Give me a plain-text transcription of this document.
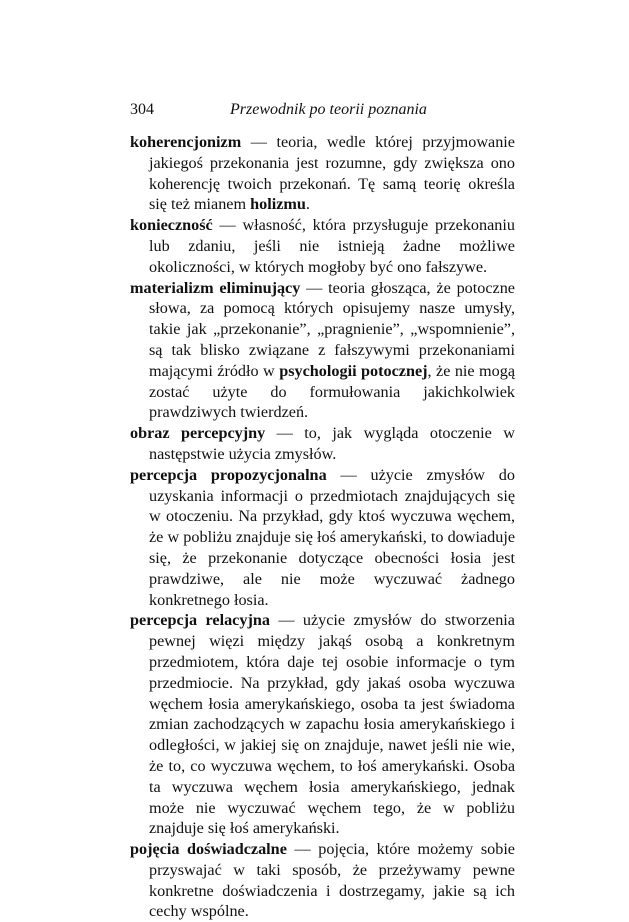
304	Przewodnik po teorii poznania

koherencjonizm — teoria, wedle której przyjmowanie jakiegoś przekonania jest rozumne, gdy zwiększa ono koherencję twoich przekonań. Tę samą teorię określa się też mianem holizmu.

konieczność — własność, która przysługuje przekonaniu lub zdaniu, jeśli nie istnieją żadne możliwe okoliczności, w których mogłoby być ono fałszywe.

materializm eliminujący — teoria głosząca, że potoczne słowa, za pomocą których opisujemy nasze umysły, takie jak „przekonanie”, „pragnienie”, „wspomnienie”, są tak blisko związane z fałszywymi przekonaniami mającymi źródło w psychologii potocznej, że nie mogą zostać użyte do formułowania jakichkolwiek prawdziwych twierdzeń.

obraz percepcyjny — to, jak wygląda otoczenie w następstwie użycia zmysłów.

percepcja propozycjonalna — użycie zmysłów do uzyskania informacji o przedmiotach znajdujących się w otoczeniu. Na przykład, gdy ktoś wyczuwa węchem, że w pobliżu znajduje się łoś amerykański, to dowiaduje się, że przekonanie dotyczące obecności łosia jest prawdziwe, ale nie może wyczuwać żadnego konkretnego łosia.

percepcja relacyjna — użycie zmysłów do stworzenia pewnej więzi między jakąś osobą a konkretnym przedmiotem, która daje tej osobie informacje o tym przedmiocie. Na przykład, gdy jakaś osoba wyczuwa węchem łosia amerykańskiego, osoba ta jest świadoma zmian zachodzących w zapachu łosia amerykańskiego i odległości, w jakiej się on znajduje, nawet jeśli nie wie, że to, co wyczuwa węchem, to łoś amerykański. Osoba ta wyczuwa węchem łosia amerykańskiego, jednak może nie wyczuwać węchem tego, że w pobliżu znajduje się łoś amerykański.

pojęcia doświadczalne — pojęcia, które możemy sobie przyswajać w taki sposób, że przeżywamy pewne konkretne doświadczenia i dostrzegamy, jakie są ich cechy wspólne.
